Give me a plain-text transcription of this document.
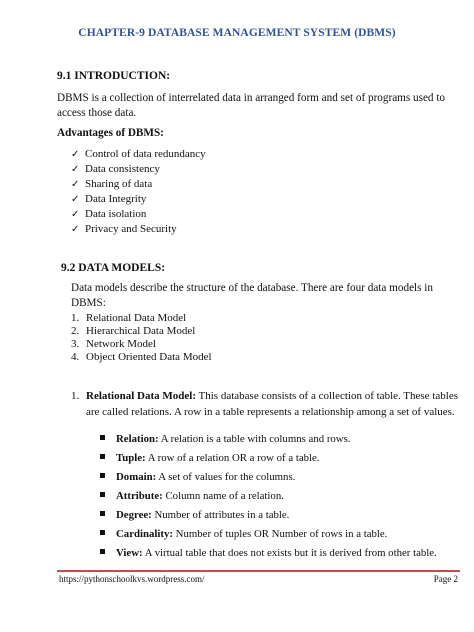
CHAPTER-9 DATABASE MANAGEMENT SYSTEM (DBMS)
9.1 INTRODUCTION:
DBMS is a collection of interrelated data in arranged form and set of programs used to access those data.
Advantages of DBMS:
✓ Control of data redundancy
✓ Data consistency
✓ Sharing of data
✓ Data Integrity
✓ Data isolation
✓ Privacy and Security
9.2 DATA MODELS:
Data models describe the structure of the database. There are four data models in DBMS:
1. Relational Data Model
2. Hierarchical Data Model
3. Network Model
4. Object Oriented Data Model
1. Relational Data Model: This database consists of a collection of table. These tables are called relations. A row in a table represents a relationship among a set of values.
Relation: A relation is a table with columns and rows.
Tuple: A row of a relation OR a row of a table.
Domain: A set of values for the columns.
Attribute: Column name of a relation.
Degree: Number of attributes in a table.
Cardinality: Number of tuples OR Number of rows in a table.
View: A virtual table that does not exists but it is derived from other table.
https://pythonschoolkvs.wordpress.com/	Page 2
